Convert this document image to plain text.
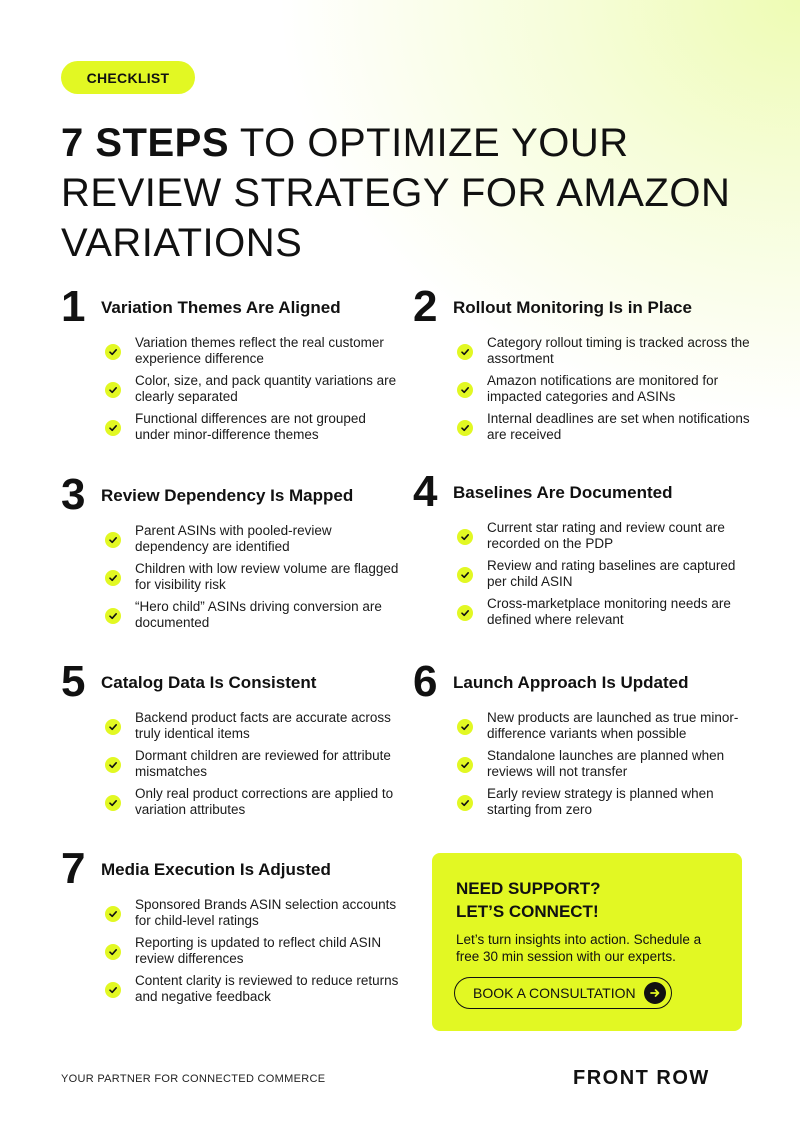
CHECKLIST
7 STEPS TO OPTIMIZE YOUR REVIEW STRATEGY FOR AMAZON VARIATIONS
1 Variation Themes Are Aligned
Variation themes reflect the real customer experience difference
Color, size, and pack quantity variations are clearly separated
Functional differences are not grouped under minor-difference themes
2 Rollout Monitoring Is in Place
Category rollout timing is tracked across the assortment
Amazon notifications are monitored for impacted categories and ASINs
Internal deadlines are set when notifications are received
3 Review Dependency Is Mapped
Parent ASINs with pooled-review dependency are identified
Children with low review volume are flagged for visibility risk
“Hero child” ASINs driving conversion are documented
4 Baselines Are Documented
Current star rating and review count are recorded on the PDP
Review and rating baselines are captured per child ASIN
Cross-marketplace monitoring needs are defined where relevant
5 Catalog Data Is Consistent
Backend product facts are accurate across truly identical items
Dormant children are reviewed for attribute mismatches
Only real product corrections are applied to variation attributes
6 Launch Approach Is Updated
New products are launched as true minor-difference variants when possible
Standalone launches are planned when reviews will not transfer
Early review strategy is planned when starting from zero
7 Media Execution Is Adjusted
Sponsored Brands ASIN selection accounts for child-level ratings
Reporting is updated to reflect child ASIN review differences
Content clarity is reviewed to reduce returns and negative feedback
NEED SUPPORT?
LET’S CONNECT!
Let’s turn insights into action. Schedule a free 30 min session with our experts.
BOOK A CONSULTATION
YOUR PARTNER FOR CONNECTED COMMERCE	FRONT ROW
